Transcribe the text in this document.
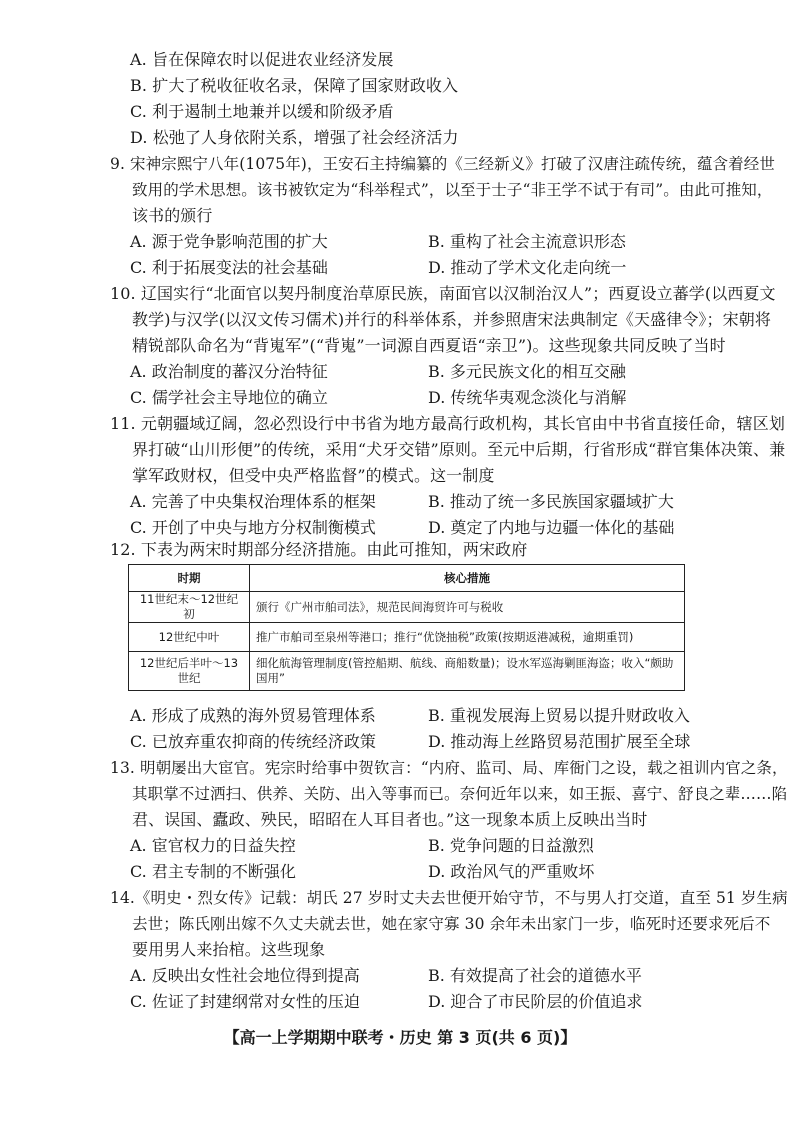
A. 旨在保障农时以促进农业经济发展
B. 扩大了税收征收名录，保障了国家财政收入
C. 利于遏制土地兼并以缓和阶级矛盾
D. 松弛了人身依附关系，增强了社会经济活力
9. 宋神宗熙宁八年(1075年)，王安石主持编纂的《三经新义》打破了汉唐注疏传统，蕴含着经世
致用的学术思想。该书被钦定为“科举程式”，以至于士子“非王学不试于有司”。由此可推知，
该书的颁行
A. 源于党争影响范围的扩大	B. 重构了社会主流意识形态
C. 利于拓展变法的社会基础	D. 推动了学术文化走向统一
10. 辽国实行“北面官以契丹制度治草原民族，南面官以汉制治汉人”；西夏设立蕃学(以西夏文
教学)与汉学(以汉文传习儒术)并行的科举体系，并参照唐宋法典制定《天盛律令》；宋朝将
精锐部队命名为“背嵬军”(“背嵬”一词源自西夏语“亲卫”)。这些现象共同反映了当时
A. 政治制度的蕃汉分治特征	B. 多元民族文化的相互交融
C. 儒学社会主导地位的确立	D. 传统华夷观念淡化与消解
11. 元朝疆域辽阔，忽必烈设行中书省为地方最高行政机构，其长官由中书省直接任命，辖区划
界打破“山川形便”的传统，采用“犬牙交错”原则。至元中后期，行省形成“群官集体决策、兼
掌军政财权，但受中央严格监督”的模式。这一制度
A. 完善了中央集权治理体系的框架	B. 推动了统一多民族国家疆域扩大
C. 开创了中央与地方分权制衡模式	D. 奠定了内地与边疆一体化的基础
12. 下表为两宋时期部分经济措施。由此可推知，两宋政府
时期	核心措施
11世纪末～12世纪初	颁行《广州市舶司法》，规范民间海贸许可与税收
12世纪中叶	推广市舶司至泉州等港口；推行“优饶抽税”政策(按期返港减税，逾期重罚)
12世纪后半叶～13世纪	细化航海管理制度(管控船期、航线、商船数量)；设水军巡海剿匪海盗；收入“颇助国用”
A. 形成了成熟的海外贸易管理体系	B. 重视发展海上贸易以提升财政收入
C. 已放弃重农抑商的传统经济政策	D. 推动海上丝路贸易范围扩展至全球
13. 明朝屡出大宦官。宪宗时给事中贺钦言：“内府、监司、局、库衙门之设，载之祖训内官之条，
其职掌不过洒扫、供养、关防、出入等事而已。奈何近年以来，如王振、喜宁、舒良之辈……陷
君、误国、蠹政、殃民，昭昭在人耳目者也。”这一现象本质上反映出当时
A. 宦官权力的日益失控	B. 党争问题的日益激烈
C. 君主专制的不断强化	D. 政治风气的严重败坏
14.《明史・烈女传》记载：胡氏 27 岁时丈夫去世便开始守节，不与男人打交道，直至 51 岁生病
去世；陈氏刚出嫁不久丈夫就去世，她在家守寡 30 余年未出家门一步，临死时还要求死后不
要用男人来抬棺。这些现象
A. 反映出女性社会地位得到提高	B. 有效提高了社会的道德水平
C. 佐证了封建纲常对女性的压迫	D. 迎合了市民阶层的价值追求
【高一上学期期中联考・历史 第 3 页(共 6 页)】
